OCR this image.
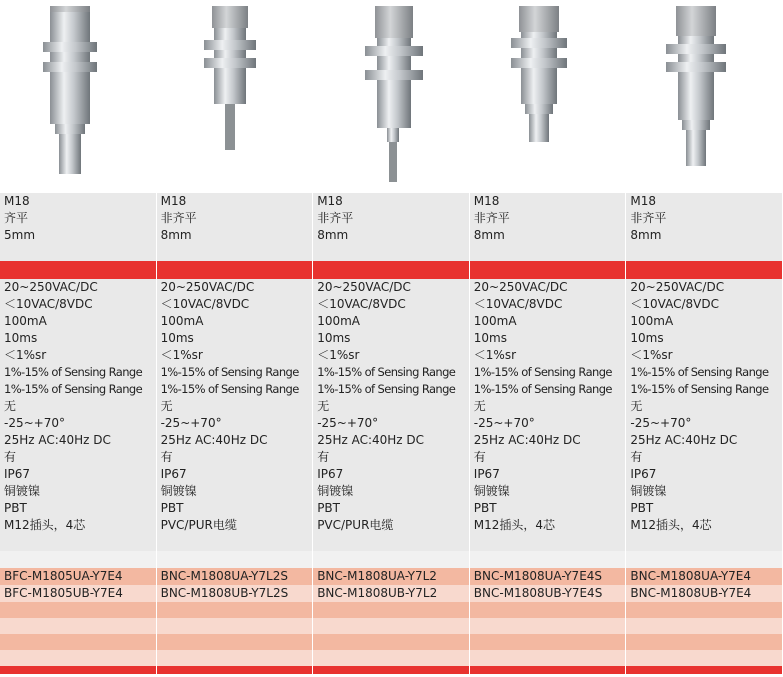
M18	M18	M18	M18	M18
齐平	非齐平	非齐平	非齐平	非齐平
5mm	8mm	8mm	8mm	8mm
20~250VAC/DC	20~250VAC/DC	20~250VAC/DC	20~250VAC/DC	20~250VAC/DC
＜10VAC/8VDC	＜10VAC/8VDC	＜10VAC/8VDC	＜10VAC/8VDC	＜10VAC/8VDC
100mA	100mA	100mA	100mA	100mA
10ms	10ms	10ms	10ms	10ms
＜1%sr	＜1%sr	＜1%sr	＜1%sr	＜1%sr
1%-15% of Sensing Range	1%-15% of Sensing Range	1%-15% of Sensing Range	1%-15% of Sensing Range	1%-15% of Sensing Range
1%-15% of Sensing Range	1%-15% of Sensing Range	1%-15% of Sensing Range	1%-15% of Sensing Range	1%-15% of Sensing Range
无	无	无	无	无
-25~+70°	-25~+70°	-25~+70°	-25~+70°	-25~+70°
25Hz AC:40Hz DC	25Hz AC:40Hz DC	25Hz AC:40Hz DC	25Hz AC:40Hz DC	25Hz AC:40Hz DC
有	有	有	有	有
IP67	IP67	IP67	IP67	IP67
铜镀镍	铜镀镍	铜镀镍	铜镀镍	铜镀镍
PBT	PBT	PBT	PBT	PBT
M12插头，4芯	PVC/PUR电缆	PVC/PUR电缆	M12插头，4芯	M12插头，4芯
BFC-M1805UA-Y7E4	BNC-M1808UA-Y7L2S	BNC-M1808UA-Y7L2	BNC-M1808UA-Y7E4S	BNC-M1808UA-Y7E4
BFC-M1805UB-Y7E4	BNC-M1808UB-Y7L2S	BNC-M1808UB-Y7L2	BNC-M1808UB-Y7E4S	BNC-M1808UB-Y7E4
